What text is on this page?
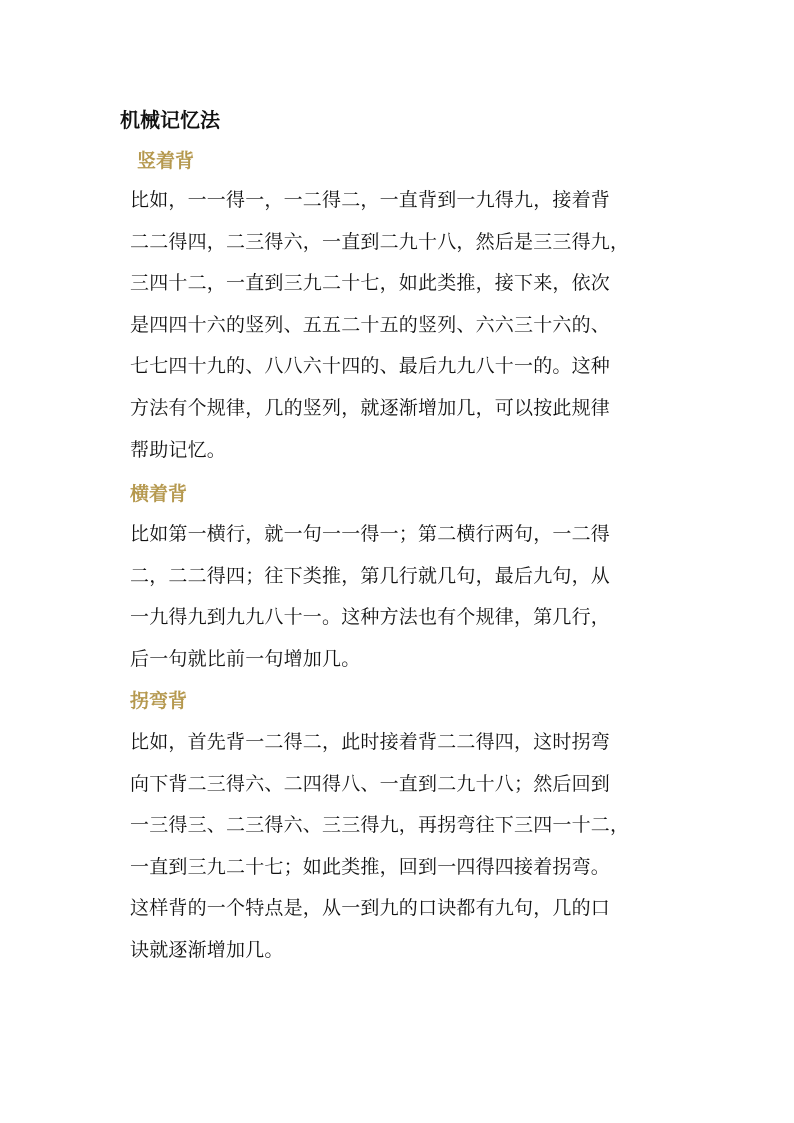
机械记忆法
竖着背
比如，一一得一，一二得二，一直背到一九得九，接着背
二二得四，二三得六，一直到二九十八，然后是三三得九，
三四十二，一直到三九二十七，如此类推，接下来，依次
是四四十六的竖列、五五二十五的竖列、六六三十六的、
七七四十九的、八八六十四的、最后九九八十一的。这种
方法有个规律，几的竖列，就逐渐增加几，可以按此规律
帮助记忆。
横着背
比如第一横行，就一句一一得一；第二横行两句，一二得
二，二二得四；往下类推，第几行就几句，最后九句，从
一九得九到九九八十一。这种方法也有个规律，第几行，
后一句就比前一句增加几。
拐弯背
比如，首先背一二得二，此时接着背二二得四，这时拐弯
向下背二三得六、二四得八、一直到二九十八；然后回到
一三得三、二三得六、三三得九，再拐弯往下三四一十二，
一直到三九二十七；如此类推，回到一四得四接着拐弯。
这样背的一个特点是，从一到九的口诀都有九句，几的口
诀就逐渐增加几。
